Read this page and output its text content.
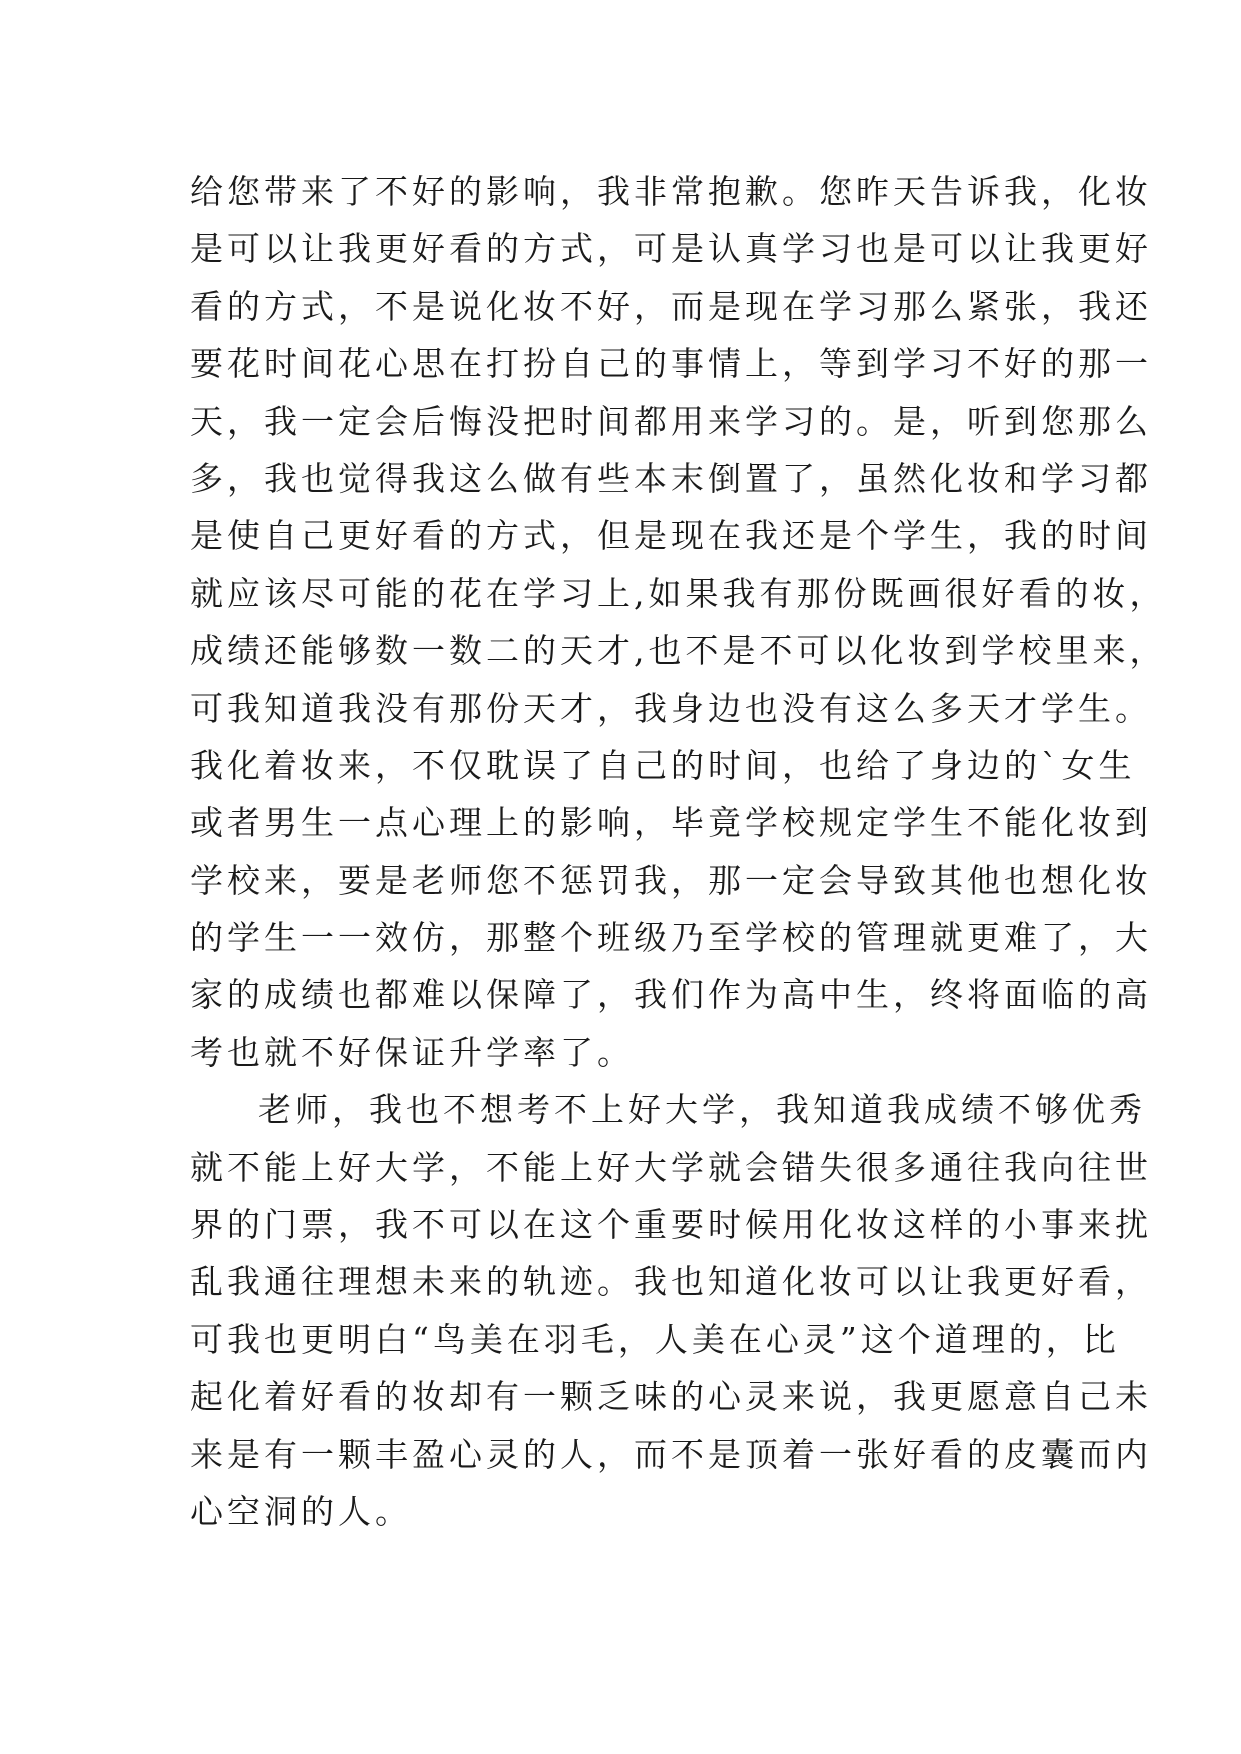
给您带来了不好的影响，我非常抱歉。您昨天告诉我，化妆
是可以让我更好看的方式，可是认真学习也是可以让我更好
看的方式，不是说化妆不好，而是现在学习那么紧张，我还
要花时间花心思在打扮自己的事情上，等到学习不好的那一
天，我一定会后悔没把时间都用来学习的。是，听到您那么
多，我也觉得我这么做有些本末倒置了，虽然化妆和学习都
是使自己更好看的方式，但是现在我还是个学生，我的时间
就应该尽可能的花在学习上,如果我有那份既画很好看的妆，
成绩还能够数一数二的天才,也不是不可以化妆到学校里来，
可我知道我没有那份天才，我身边也没有这么多天才学生。
我化着妆来，不仅耽误了自己的时间，也给了身边的`女生
或者男生一点心理上的影响，毕竟学校规定学生不能化妆到
学校来，要是老师您不惩罚我，那一定会导致其他也想化妆
的学生一一效仿，那整个班级乃至学校的管理就更难了，大
家的成绩也都难以保障了，我们作为高中生，终将面临的高
考也就不好保证升学率了。
老师，我也不想考不上好大学，我知道我成绩不够优秀
就不能上好大学，不能上好大学就会错失很多通往我向往世
界的门票，我不可以在这个重要时候用化妆这样的小事来扰
乱我通往理想未来的轨迹。我也知道化妆可以让我更好看，
可我也更明白“鸟美在羽毛，人美在心灵”这个道理的，比
起化着好看的妆却有一颗乏味的心灵来说，我更愿意自己未
来是有一颗丰盈心灵的人，而不是顶着一张好看的皮囊而内
心空洞的人。
